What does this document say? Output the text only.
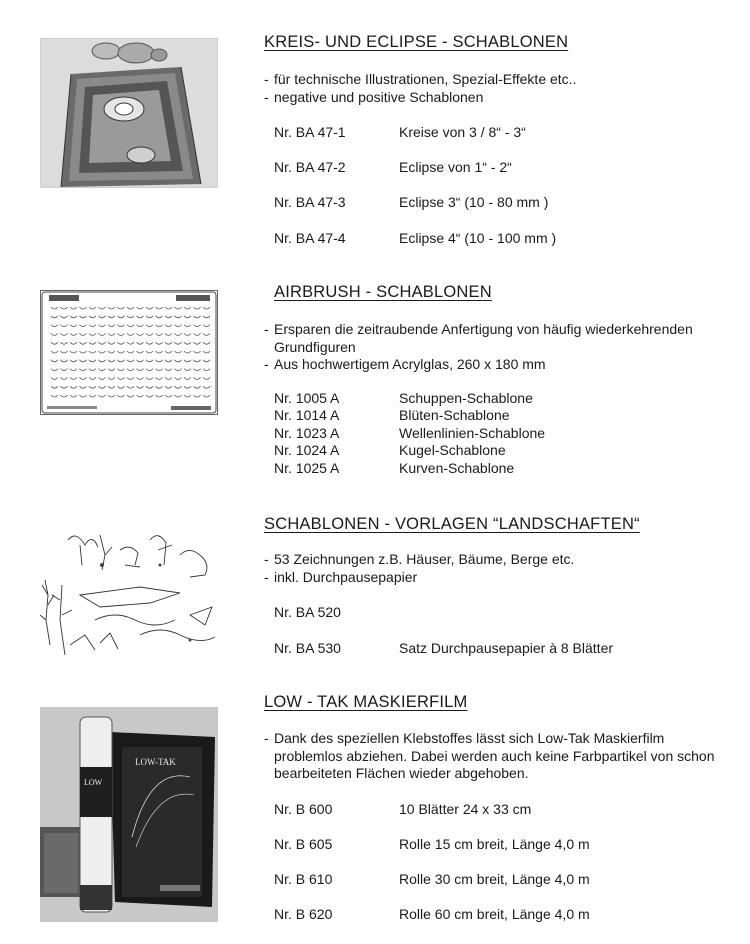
KREIS- UND ECLIPSE - SCHABLONEN
- für technische Illustrationen, Spezial-Effekte etc..
- negative und positive Schablonen
Nr. BA 47-1	Kreise von 3 / 8“ - 3“
Nr. BA 47-2	Eclipse von 1“ - 2“
Nr. BA 47-3	Eclipse 3“ (10 - 80 mm )
Nr. BA 47-4	Eclipse 4“ (10 - 100 mm )
AIRBRUSH - SCHABLONEN
- Ersparen die zeitraubende Anfertigung von häufig wiederkehrenden Grundfiguren
- Aus hochwertigem Acrylglas, 260 x 180 mm
Nr. 1005 A	Schuppen-Schablone
Nr. 1014 A	Blüten-Schablone
Nr. 1023 A	Wellenlinien-Schablone
Nr. 1024 A	Kugel-Schablone
Nr. 1025 A	Kurven-Schablone
SCHABLONEN - VORLAGEN “LANDSCHAFTEN“
- 53 Zeichnungen z.B. Häuser, Bäume, Berge etc.
- inkl. Durchpausepapier
Nr. BA 520
Nr. BA 530	Satz Durchpausepapier à 8 Blätter
LOW-TAK
LOW
LOW - TAK MASKIERFILM
- Dank des speziellen Klebstoffes lässt sich Low-Tak Maskierfilm problemlos abziehen. Dabei werden auch keine Farbpartikel von schon bearbeiteten Flächen wieder abgehoben.
Nr. B 600	10 Blätter 24 x 33 cm
Nr. B 605	Rolle 15 cm breit, Länge 4,0 m
Nr. B 610	Rolle 30 cm breit, Länge 4,0 m
Nr. B 620	Rolle 60 cm breit, Länge 4,0 m
